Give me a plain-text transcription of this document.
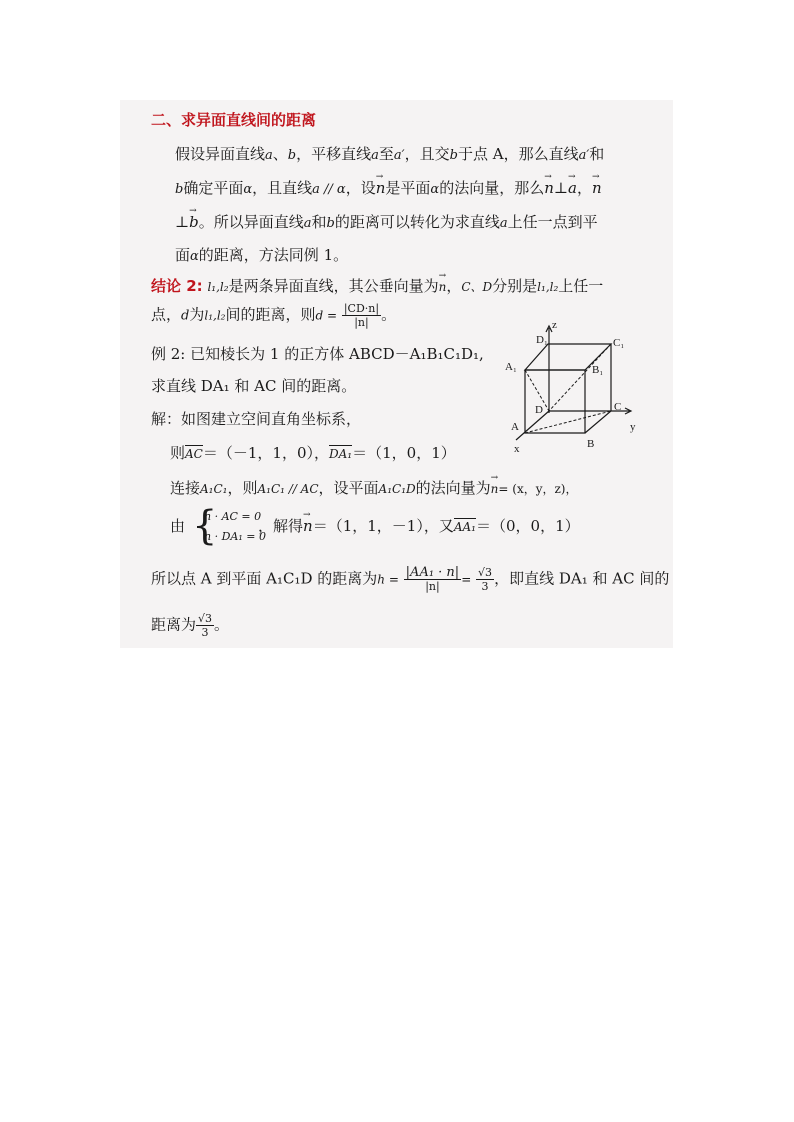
二、求异面直线间的距离
假设异面直线a、b，平移直线a至a′，且交b于点 A，那么直线a′和
b确定平面α，且直线a // α，设→ n是平面α的法向量，那么→ n⊥→ a，→ n
⊥→ b。所以异面直线a和b的距离可以转化为求直线a上任一点到平
面α的距离，方法同例 1。
结论 2: l₁,l₂是两条异面直线，其公垂向量为→ n，C、D分别是l₁,l₂上任一
点，d为l₁,l₂间的距离，则$d = \frac{|CD\cdot n|}{|n|}$ 。
例 2: 已知棱长为 1 的正方体 ABCD－A₁B₁C₁D₁,
求直线 DA₁ 和 AC 间的距离。
解：如图建立空间直角坐标系，
则AC＝（－1，1，0），DA₁＝（1，0，1）
连接A₁C₁，则A₁C₁ // AC，设平面A₁C₁D的法向量为→ n= (x，y，z)，
由 {
n · AC = 0
n · DA₁ = 0
，解得→ n＝（1，1，－1），又AA₁＝（0，0，1）
所以点 A 到平面 A₁C₁D 的距离为$h = \frac{\text{|AA₁ · n|}}{|n|} = \frac{√3}{3}$ ，即直线 DA₁ 和 AC 间的
距离为 $\frac{√3}{3}$ 。
z
D₁	C₁
A₁	B₁
D	C
y
A
x	B
